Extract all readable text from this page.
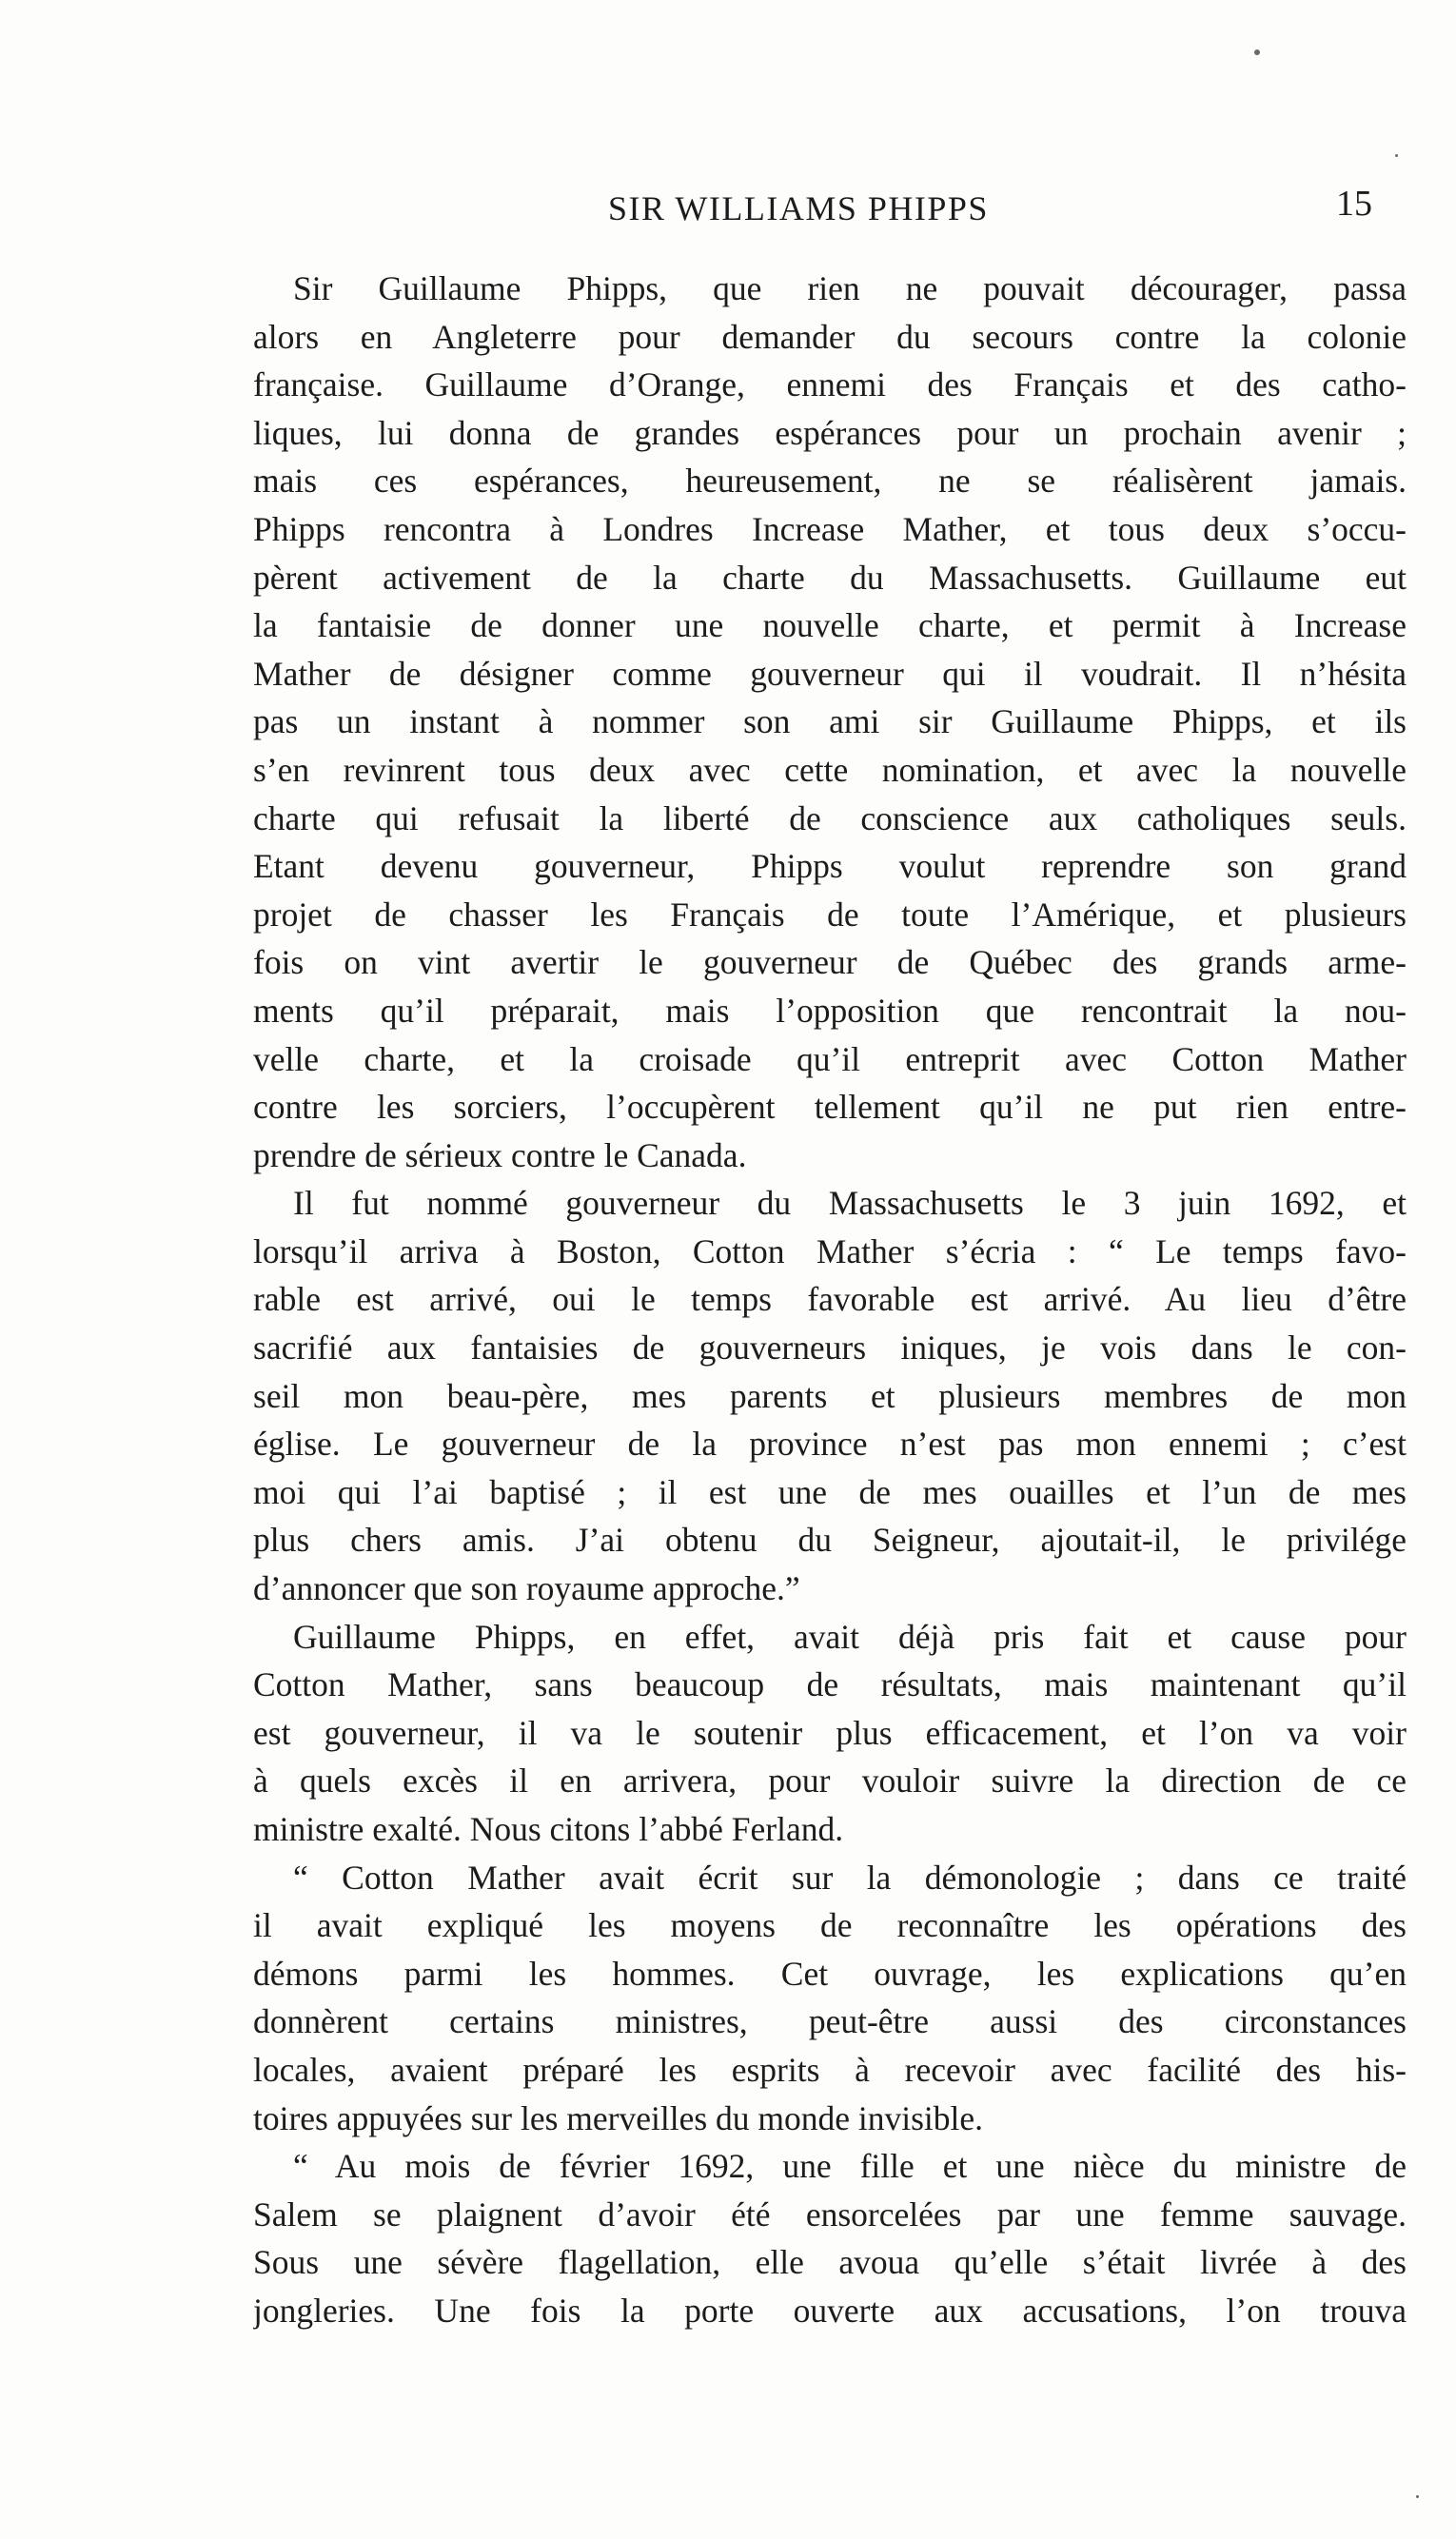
SIR WILLIAMS PHIPPS	15
Sir Guillaume Phipps, que rien ne pouvait décourager, passa
alors en Angleterre pour demander du secours contre la colonie
française. Guillaume d’Orange, ennemi des Français et des catho-
liques, lui donna de grandes espérances pour un prochain avenir ;
mais ces espérances, heureusement, ne se réalisèrent jamais.
Phipps rencontra à Londres Increase Mather, et tous deux s’occu-
pèrent activement de la charte du Massachusetts. Guillaume eut
la fantaisie de donner une nouvelle charte, et permit à Increase
Mather de désigner comme gouverneur qui il voudrait. Il n’hésita
pas un instant à nommer son ami sir Guillaume Phipps, et ils
s’en revinrent tous deux avec cette nomination, et avec la nouvelle
charte qui refusait la liberté de conscience aux catholiques seuls.
Etant devenu gouverneur, Phipps voulut reprendre son grand
projet de chasser les Français de toute l’Amérique, et plusieurs
fois on vint avertir le gouverneur de Québec des grands arme-
ments qu’il préparait, mais l’opposition que rencontrait la nou-
velle charte, et la croisade qu’il entreprit avec Cotton Mather
contre les sorciers, l’occupèrent tellement qu’il ne put rien entre-
prendre de sérieux contre le Canada.
Il fut nommé gouverneur du Massachusetts le 3 juin 1692, et
lorsqu’il arriva à Boston, Cotton Mather s’écria : “ Le temps favo-
rable est arrivé, oui le temps favorable est arrivé. Au lieu d’être
sacrifié aux fantaisies de gouverneurs iniques, je vois dans le con-
seil mon beau-père, mes parents et plusieurs membres de mon
église. Le gouverneur de la province n’est pas mon ennemi ; c’est
moi qui l’ai baptisé ; il est une de mes ouailles et l’un de mes
plus chers amis. J’ai obtenu du Seigneur, ajoutait-il, le privilége
d’annoncer que son royaume approche.”
Guillaume Phipps, en effet, avait déjà pris fait et cause pour
Cotton Mather, sans beaucoup de résultats, mais maintenant qu’il
est gouverneur, il va le soutenir plus efficacement, et l’on va voir
à quels excès il en arrivera, pour vouloir suivre la direction de ce
ministre exalté. Nous citons l’abbé Ferland.
“ Cotton Mather avait écrit sur la démonologie ; dans ce traité
il avait expliqué les moyens de reconnaître les opérations des
démons parmi les hommes. Cet ouvrage, les explications qu’en
donnèrent certains ministres, peut-être aussi des circonstances
locales, avaient préparé les esprits à recevoir avec facilité des his-
toires appuyées sur les merveilles du monde invisible.
“ Au mois de février 1692, une fille et une nièce du ministre de
Salem se plaignent d’avoir été ensorcelées par une femme sauvage.
Sous une sévère flagellation, elle avoua qu’elle s’était livrée à des
jongleries. Une fois la porte ouverte aux accusations, l’on trouva
